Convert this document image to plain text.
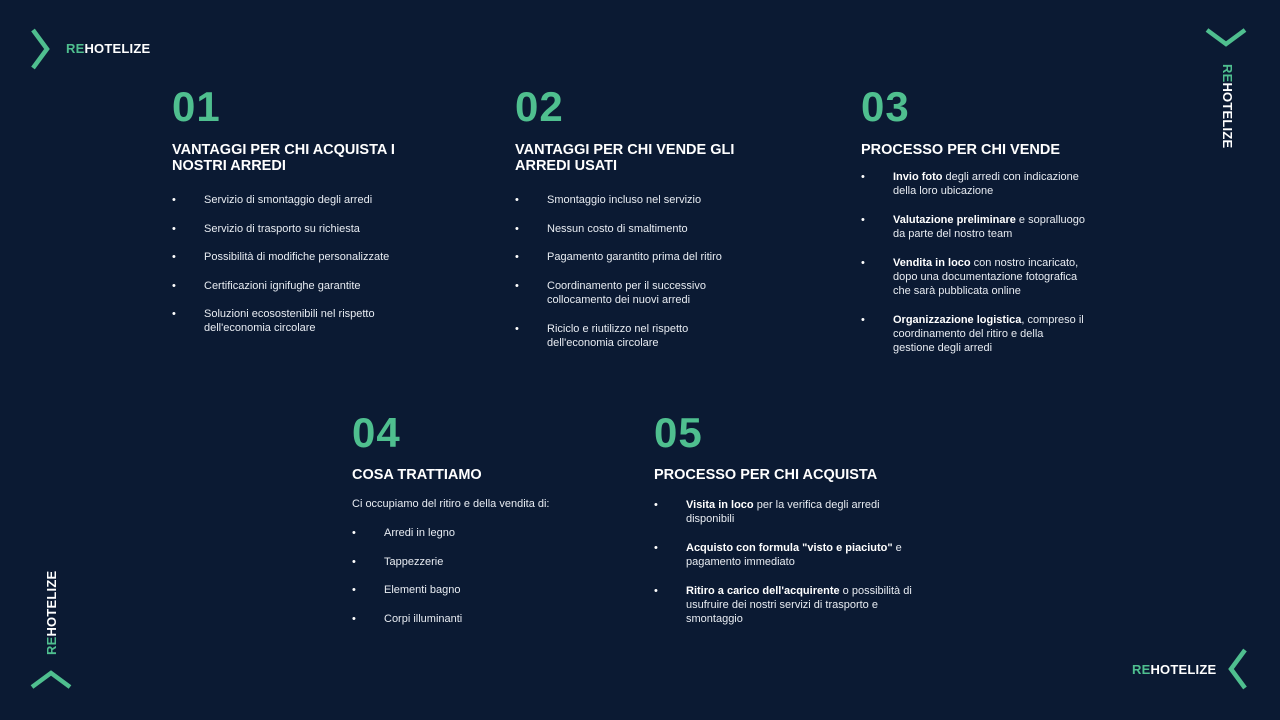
REHOTELIZE
REHOTELIZE
REHOTELIZE
REHOTELIZE

01

VANTAGGI PER CHI ACQUISTA I
NOSTRI ARREDI

• Servizio di smontaggio degli arredi
• Servizio di trasporto su richiesta
• Possibilità di modifiche personalizzate
• Certificazioni ignifughe garantite
• Soluzioni ecosostenibili nel rispetto
dell'economia circolare

02

VANTAGGI PER CHI VENDE GLI
ARREDI USATI

• Smontaggio incluso nel servizio
• Nessun costo di smaltimento
• Pagamento garantito prima del ritiro
• Coordinamento per il successivo
collocamento dei nuovi arredi
• Riciclo e riutilizzo nel rispetto
dell'economia circolare

03

PROCESSO PER CHI VENDE

• Invio foto degli arredi con indicazione
della loro ubicazione
• Valutazione preliminare e sopralluogo
da parte del nostro team
• Vendita in loco con nostro incaricato,
dopo una documentazione fotografica
che sarà pubblicata online
• Organizzazione logistica, compreso il
coordinamento del ritiro e della
gestione degli arredi

04

COSA TRATTIAMO

Ci occupiamo del ritiro e della vendita di:

• Arredi in legno
• Tappezzerie
• Elementi bagno
• Corpi illuminanti

05

PROCESSO PER CHI ACQUISTA

• Visita in loco per la verifica degli arredi
disponibili
• Acquisto con formula "visto e piaciuto" e
pagamento immediato
• Ritiro a carico dell'acquirente o possibilità di
usufruire dei nostri servizi di trasporto e
smontaggio
